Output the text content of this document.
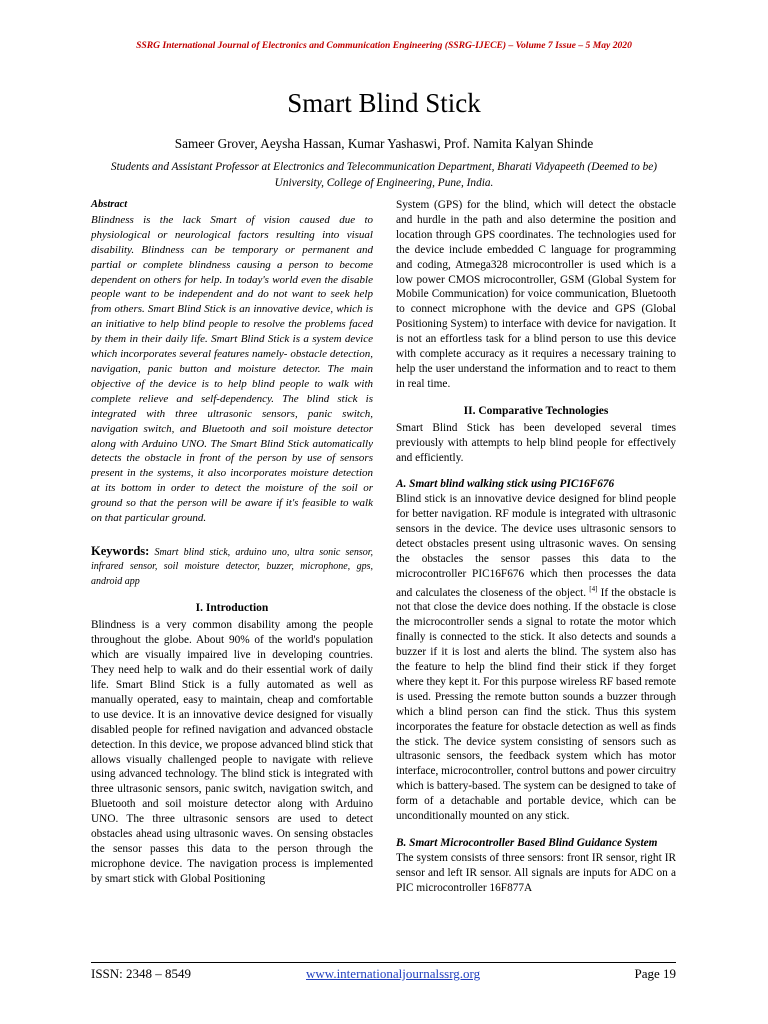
SSRG International Journal of Electronics and Communication Engineering (SSRG-IJECE) – Volume 7 Issue – 5 May 2020
Smart Blind Stick
Sameer Grover, Aeysha Hassan, Kumar Yashaswi, Prof. Namita Kalyan Shinde
Students and Assistant Professor at Electronics and Telecommunication Department, Bharati Vidyapeeth (Deemed to be) University, College of Engineering, Pune, India.

Abstract

Blindness is the lack Smart of vision caused due to physiological or neurological factors resulting into visual disability. Blindness can be temporary or permanent and partial or complete blindness causing a person to become dependent on others for help. In today's world even the disable people want to be independent and do not want to seek help from others. Smart Blind Stick is an innovative device, which is an initiative to help blind people to resolve the problems faced by them in their daily life. Smart Blind Stick is a system device which incorporates several features namely- obstacle detection, navigation, panic button and moisture detector. The main objective of the device is to help blind people to walk with complete relieve and self-dependency. The blind stick is integrated with three ultrasonic sensors, panic switch, navigation switch, and Bluetooth and soil moisture detector along with Arduino UNO. The Smart Blind Stick automatically detects the obstacle in front of the person by use of sensors present in the systems, it also incorporates moisture detection at its bottom in order to detect the moisture of the soil or ground so that the person will be aware if it's feasible to walk on that particular ground.

Keywords: Smart blind stick, arduino uno, ultra sonic sensor, infrared sensor, soil moisture detector, buzzer, microphone, gps, android app

I. Introduction

Blindness is a very common disability among the people throughout the globe. About 90% of the world's population which are visually impaired live in developing countries. They need help to walk and do their essential work of daily life. Smart Blind Stick is a fully automated as well as manually operated, easy to maintain, cheap and comfortable to use device. It is an innovative device designed for visually disabled people for refined navigation and advanced obstacle detection. In this device, we propose advanced blind stick that allows visually challenged people to navigate with relieve using advanced technology. The blind stick is integrated with three ultrasonic sensors, panic switch, navigation switch, and Bluetooth and soil moisture detector along with Arduino UNO. The three ultrasonic sensors are used to detect obstacles ahead using ultrasonic waves. On sensing obstacles the sensor passes this data to the person through the microphone device. The navigation process is implemented by smart stick with Global Positioning

System (GPS) for the blind, which will detect the obstacle and hurdle in the path and also determine the position and location through GPS coordinates. The technologies used for the device include embedded C language for programming and coding, Atmega328 microcontroller is used which is a low power CMOS microcontroller, GSM (Global System for Mobile Communication) for voice communication, Bluetooth to connect microphone with the device and GPS (Global Positioning System) to interface with device for navigation. It is not an effortless task for a blind person to use this device with complete accuracy as it requires a necessary training to help the user understand the information and to react to them in real time.

II. Comparative Technologies

Smart Blind Stick has been developed several times previously with attempts to help blind people for effectively and efficiently.

A. Smart blind walking stick using PIC16F676

Blind stick is an innovative device designed for blind people for better navigation. RF module is integrated with ultrasonic sensors in the device. The device uses ultrasonic sensors to detect obstacles present using ultrasonic waves. On sensing the obstacles the sensor passes this data to the microcontroller PIC16F676 which then processes the data and calculates the closeness of the object. [4] If the obstacle is not that close the device does nothing. If the obstacle is close the microcontroller sends a signal to rotate the motor which finally is connected to the stick. It also detects and sounds a buzzer if it is lost and alerts the blind. The system also has the feature to help the blind find their stick if they forget where they kept it. For this purpose wireless RF based remote is used. Pressing the remote button sounds a buzzer through which a blind person can find the stick. Thus this system incorporates the feature for obstacle detection as well as finds the stick. The device system consisting of sensors such as ultrasonic sensors, the feedback system which has motor interface, microcontroller, control buttons and power circuitry which is battery-based. The system can be designed to take of form of a detachable and portable device, which can be unconditionally mounted on any stick.

B. Smart Microcontroller Based Blind Guidance System

The system consists of three sensors: front IR sensor, right IR sensor and left IR sensor. All signals are inputs for ADC on a PIC microcontroller 16F877A

ISSN: 2348 – 8549	www.internationaljournalssrg.org	Page 19
